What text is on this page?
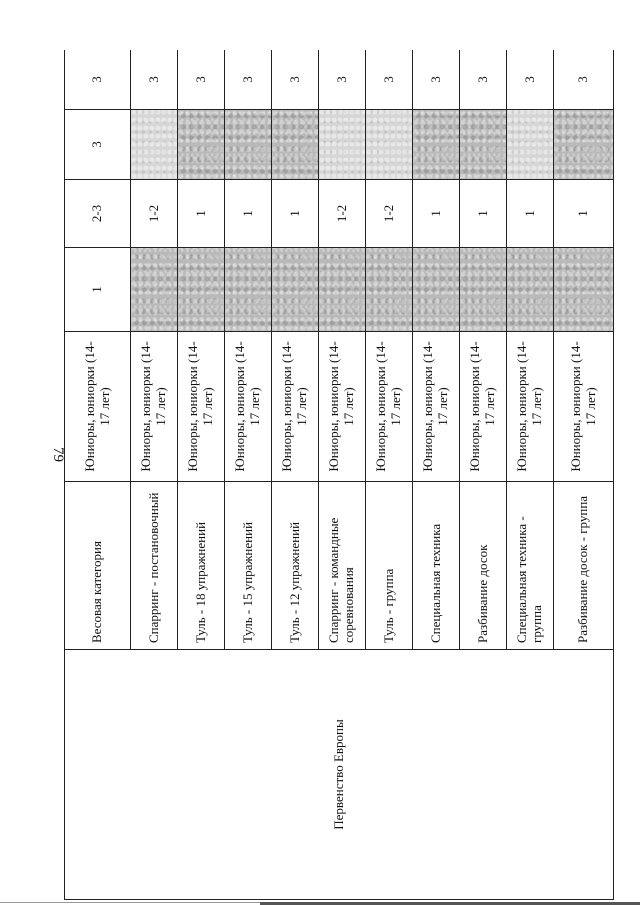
79
Первенство Европы	Весовая категория	Юниоры, юниорки (14-17 лет)	1	2-3	3	3
	Спарринг - постановочный	Юниоры, юниорки (14-17 лет)		1-2		3
	Туль - 18 упражнений	Юниоры, юниорки (14-17 лет)		1		3
	Туль - 15 упражнений	Юниоры, юниорки (14-17 лет)		1		3
	Туль - 12 упражнений	Юниоры, юниорки (14-17 лет)		1		3
	Спарринг - командные соревнования	Юниоры, юниорки (14-17 лет)		1-2		3
	Туль - группа	Юниоры, юниорки (14-17 лет)		1-2		3
	Специальная техника	Юниоры, юниорки (14-17 лет)		1		3
	Разбивание досок	Юниоры, юниорки (14-17 лет)		1		3
	Специальная техника - группа	Юниоры, юниорки (14-17 лет)		1		3
	Разбивание досок - группа	Юниоры, юниорки (14-17 лет)		1		3
